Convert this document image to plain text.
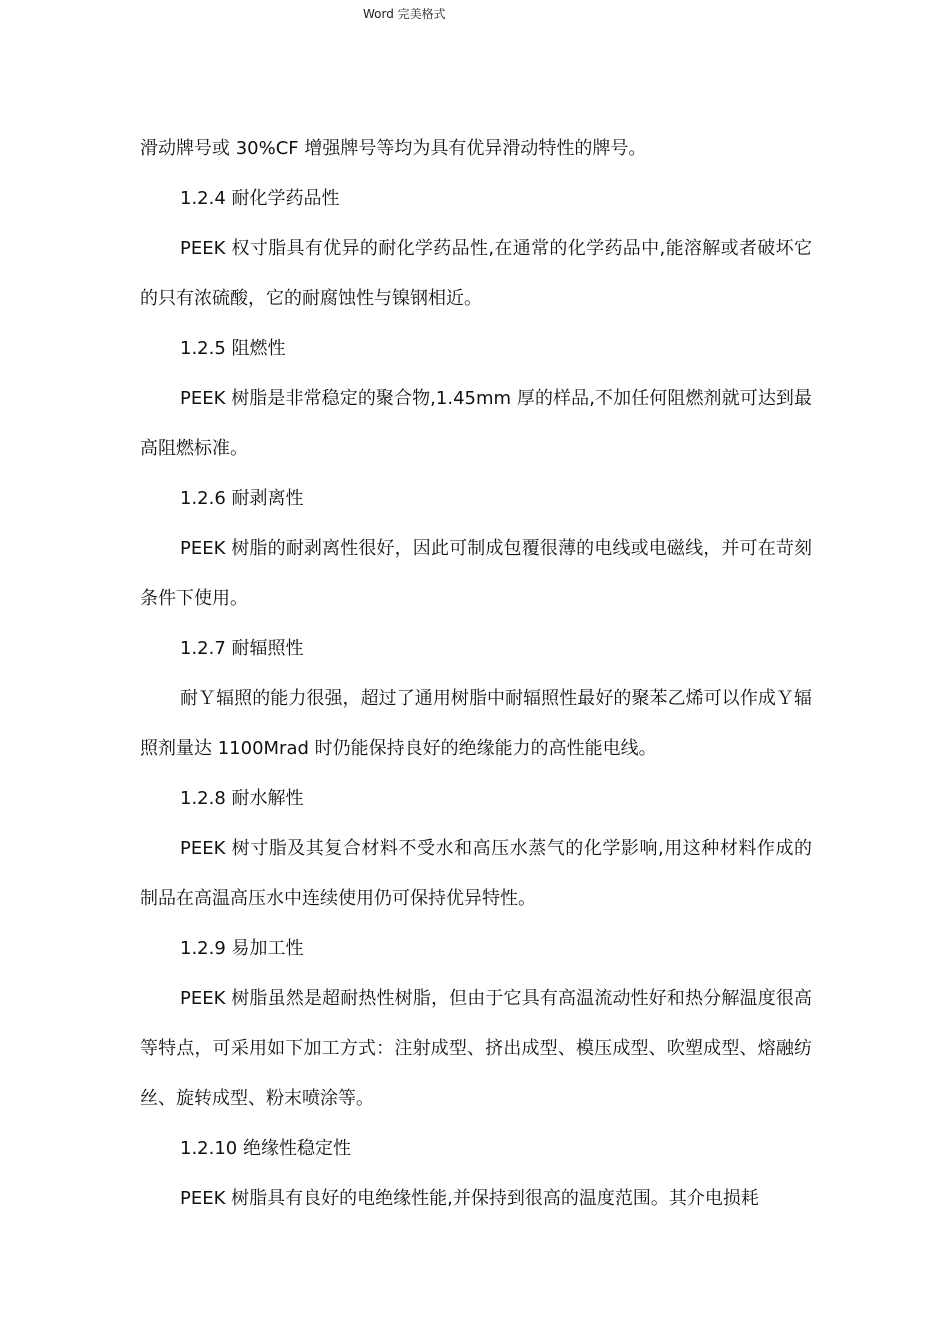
Word 完美格式

滑动牌号或 30%CF 增强牌号等均为具有优异滑动特性的牌号。

1.2.4 耐化学药品性

PEEK 权寸脂具有优异的耐化学药品性,在通常的化学药品中,能溶解或者破坏它的只有浓硫酸，它的耐腐蚀性与镍钢相近。

1.2.5 阻燃性

PEEK 树脂是非常稳定的聚合物,1.45mm 厚的样品,不加任何阻燃剂就可达到最高阻燃标准。

1.2.6 耐剥离性

PEEK 树脂的耐剥离性很好，因此可制成包覆很薄的电线或电磁线，并可在苛刻条件下使用。

1.2.7 耐辐照性

耐Ｙ辐照的能力很强，超过了通用树脂中耐辐照性最好的聚苯乙烯可以作成Ｙ辐照剂量达 1100Mrad 时仍能保持良好的绝缘能力的高性能电线。

1.2.8 耐水解性

PEEK 树寸脂及其复合材料不受水和高压水蒸气的化学影响,用这种材料作成的制品在高温高压水中连续使用仍可保持优异特性。

1.2.9 易加工性

PEEK 树脂虽然是超耐热性树脂，但由于它具有高温流动性好和热分解温度很高等特点，可采用如下加工方式：注射成型、挤出成型、模压成型、吹塑成型、熔融纺丝、旋转成型、粉末喷涂等。

1.2.10 绝缘性稳定性

PEEK 树脂具有良好的电绝缘性能,并保持到很高的温度范围。其介电损耗
